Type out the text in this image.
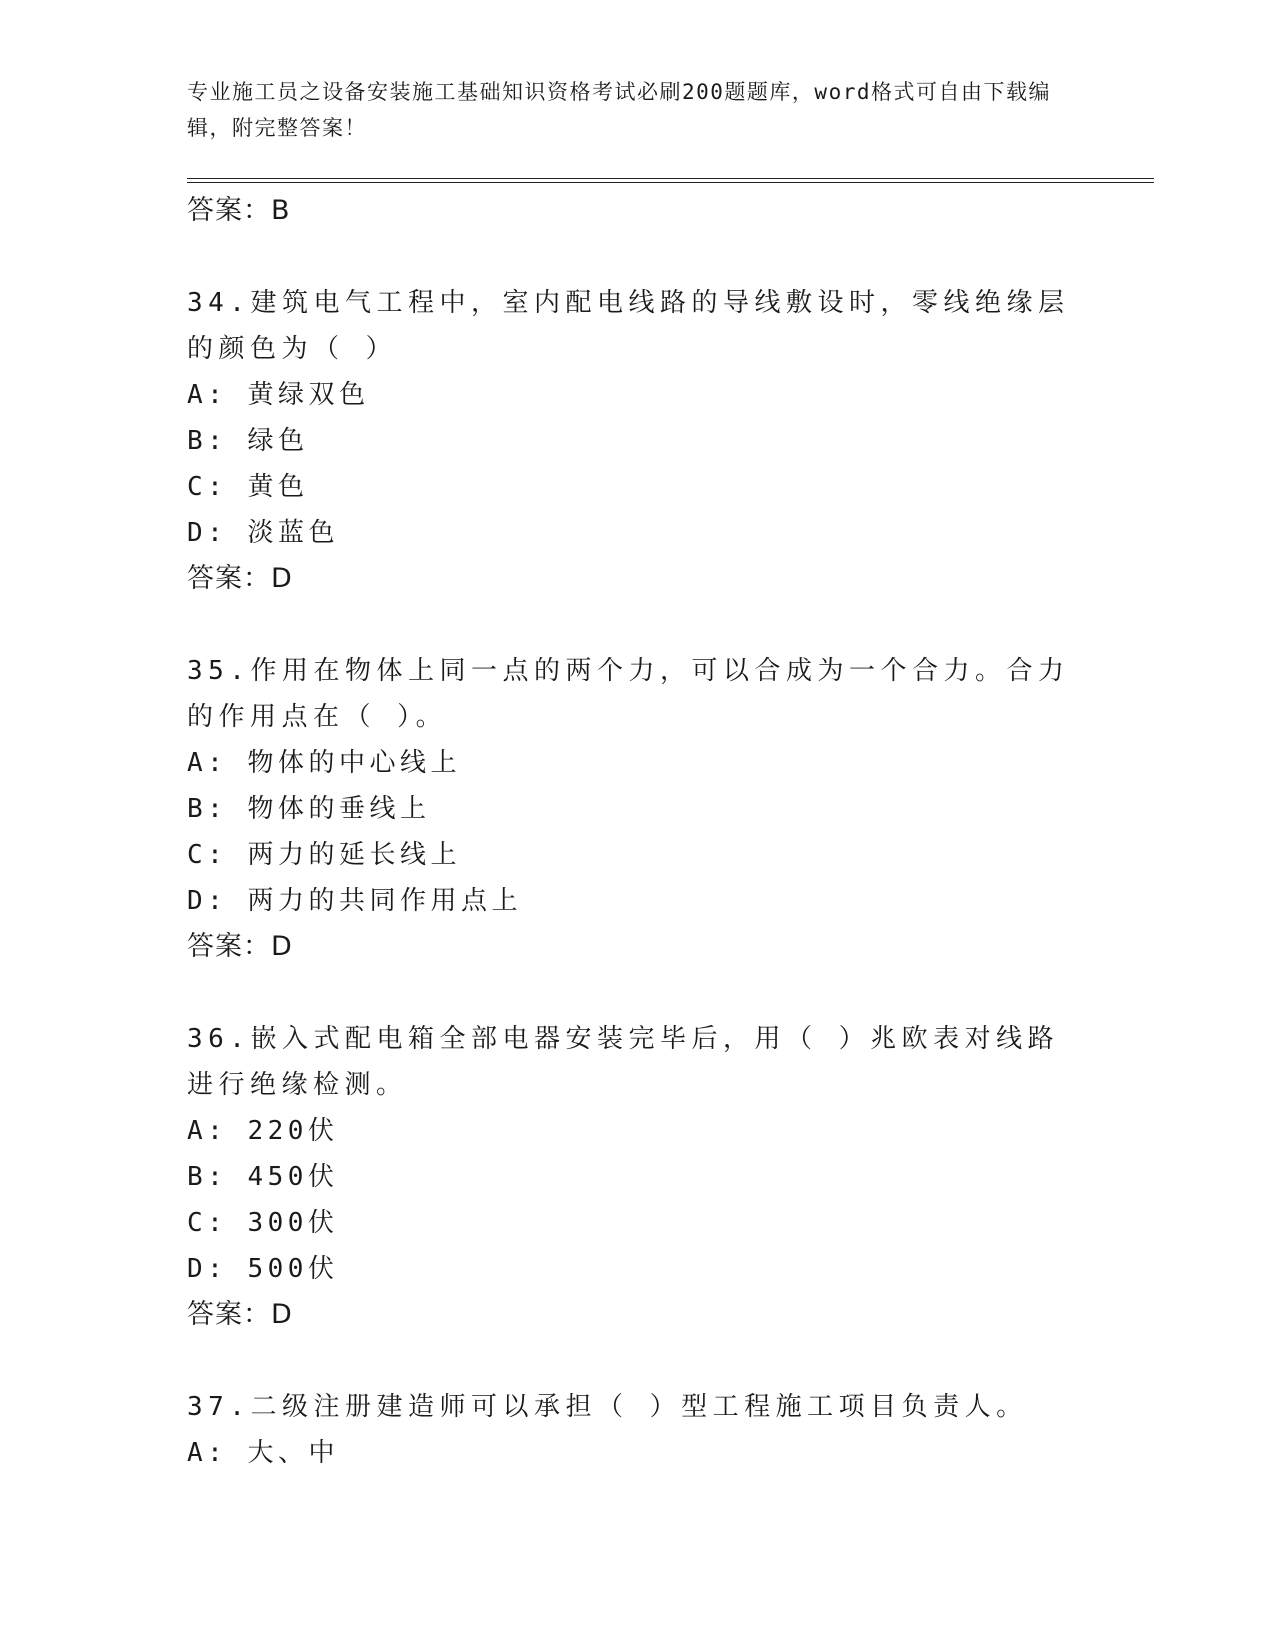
专业施工员之设备安装施工基础知识资格考试必刷200题题库，word格式可自由下载编辑，附完整答案！
答案：B
34.建筑电气工程中，室内配电线路的导线敷设时，零线绝缘层的颜色为（ ）
A: 黄绿双色
B: 绿色
C: 黄色
D: 淡蓝色
答案：D
35.作用在物体上同一点的两个力，可以合成为一个合力。合力的作用点在（ ）。
A: 物体的中心线上
B: 物体的垂线上
C: 两力的延长线上
D: 两力的共同作用点上
答案：D
36.嵌入式配电箱全部电器安装完毕后，用（ ）兆欧表对线路进行绝缘检测。
A: 220伏
B: 450伏
C: 300伏
D: 500伏
答案：D
37.二级注册建造师可以承担（ ）型工程施工项目负责人。
A: 大、中
